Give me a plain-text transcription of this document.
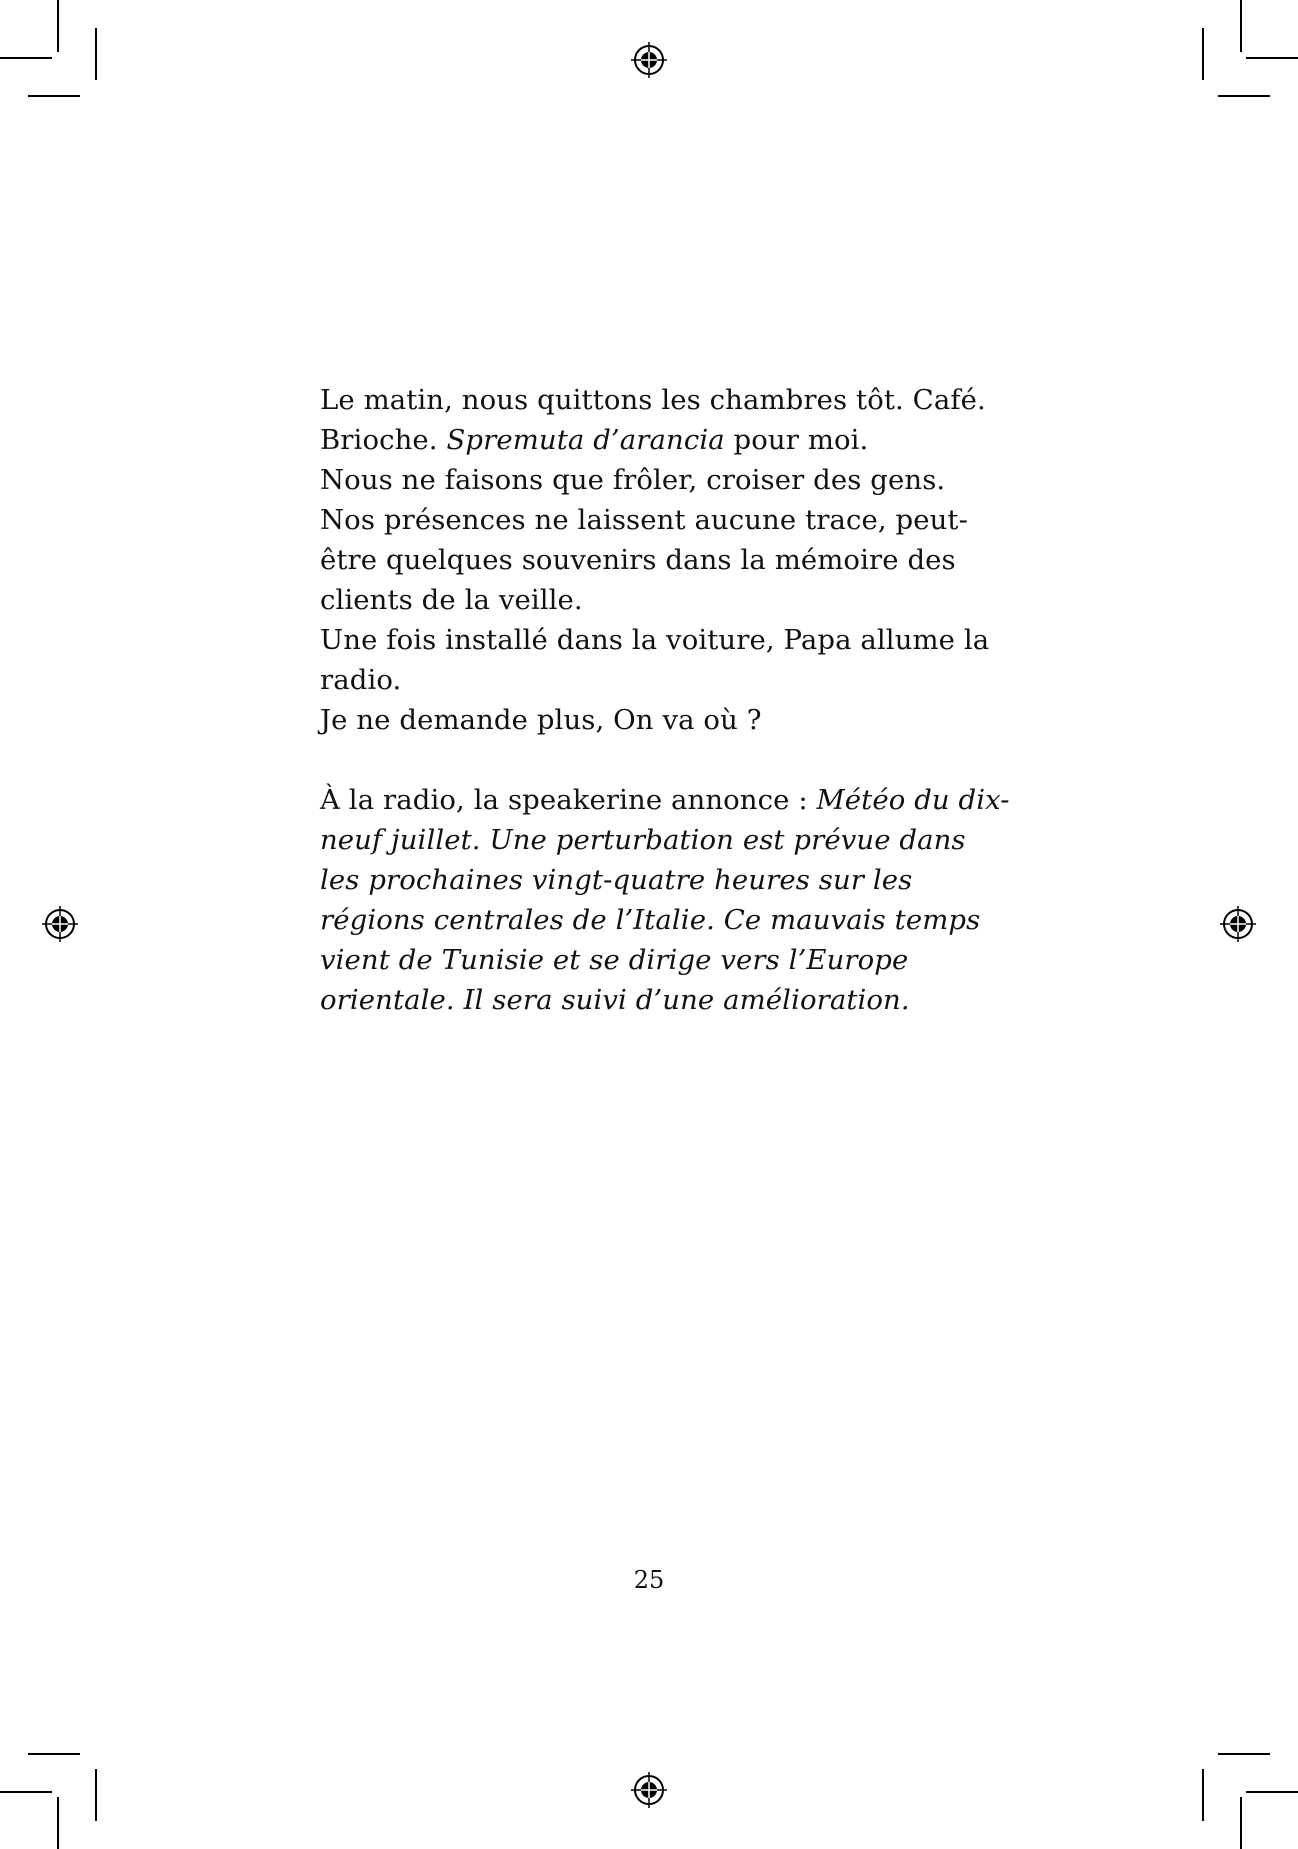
Le matin, nous quittons les chambres tôt. Café.

Brioche. Spremuta d’arancia pour moi.

Nous ne faisons que frôler, croiser des gens.

Nos présences ne laissent aucune trace, peut-être quelques souvenirs dans la mémoire des clients de la veille.

Une fois installé dans la voiture, Papa allume la radio.

Je ne demande plus, On va où ?

À la radio, la speakerine annonce : Météo du dix-neuf juillet. Une perturbation est prévue dans les prochaines vingt-quatre heures sur les régions centrales de l’Italie. Ce mauvais temps vient de Tunisie et se dirige vers l’Europe orientale. Il sera suivi d’une amélioration.

25
